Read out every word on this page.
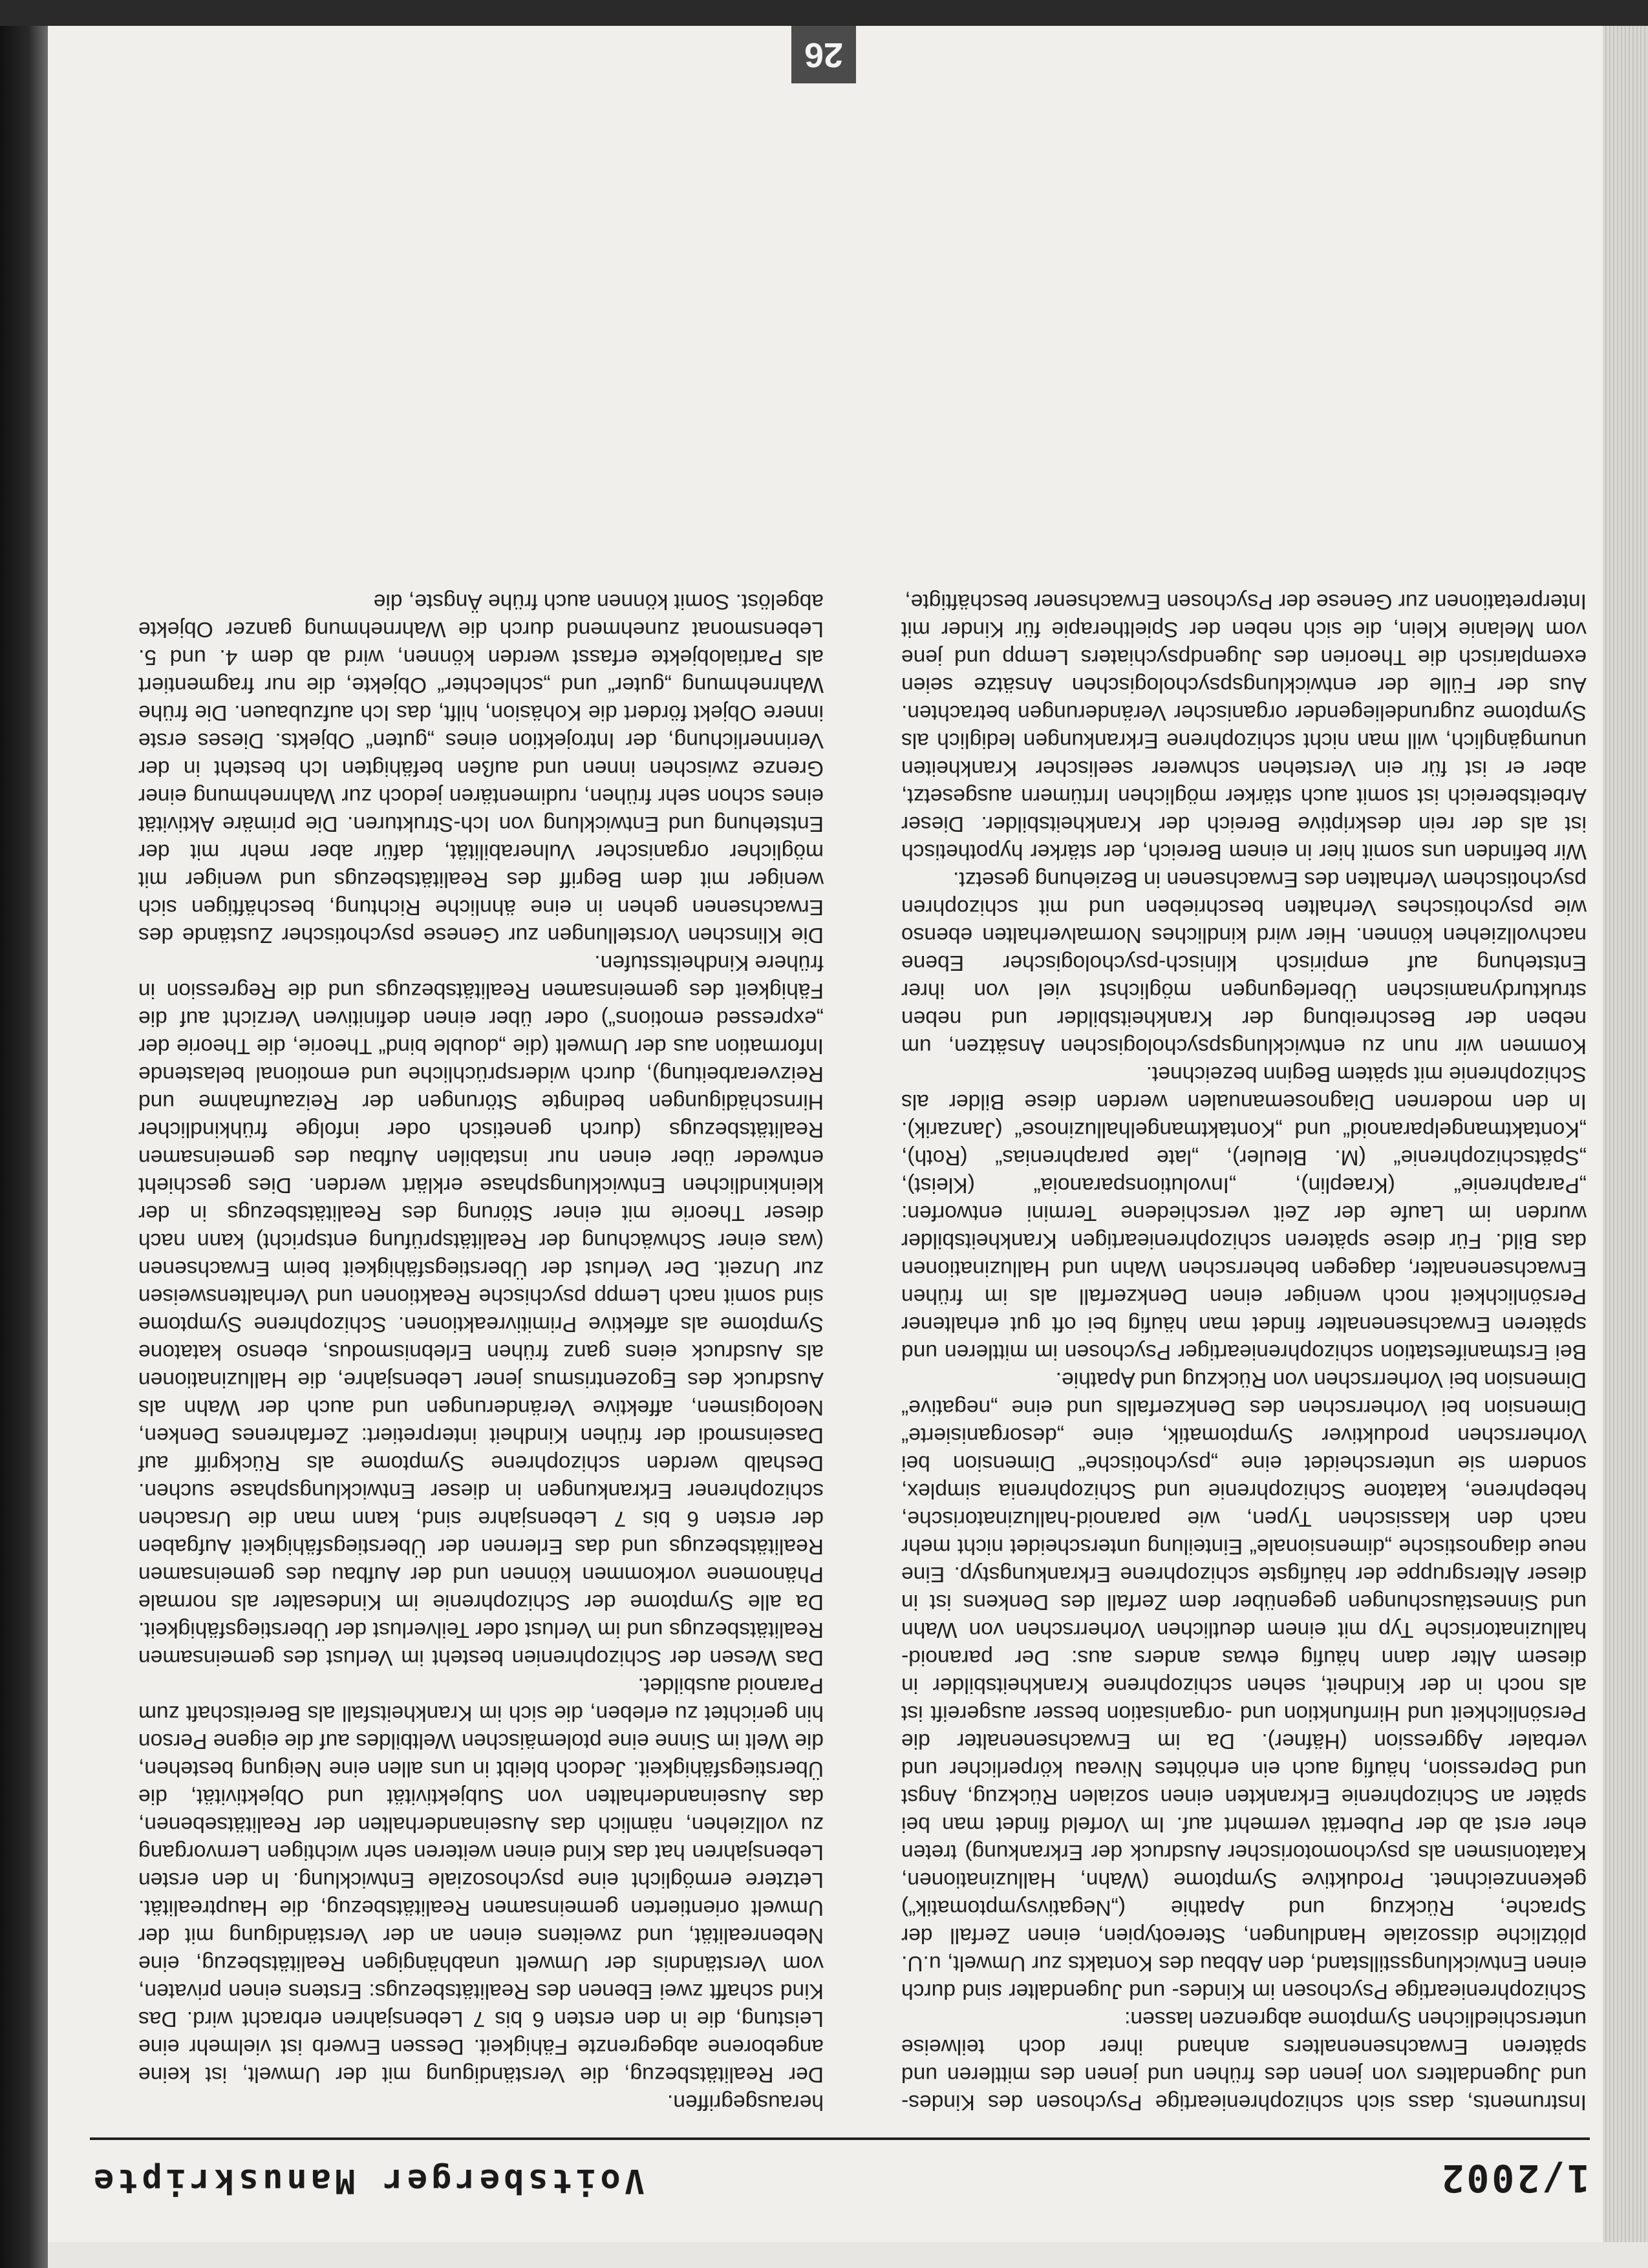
1/2002
Voitsberger Manuskripte

Instruments, dass sich schizophrenieartige Psychosen des Kindes- und Jugendalters von jenen des frühen und jenen des mittleren und späteren Erwachsenenalters anhand ihrer doch teilweise unterschiedlichen Symptome abgrenzen lassen:

Schizophrenieartige Psychosen im Kindes- und Jugendalter sind durch einen Entwicklungsstillstand, den Abbau des Kontakts zur Umwelt, u.U. plötzliche dissoziale Handlungen, Stereotypien, einen Zerfall der Sprache, Rückzug und Apathie („Negativsymptomatik“) gekennzeichnet. Produktive Symptome (Wahn, Halluzinationen, Katatonismen als psychomotorischer Ausdruck der Erkrankung) treten eher erst ab der Pubertät vermehrt auf. Im Vorfeld findet man bei später an Schizophrenie Erkrankten einen sozialen Rückzug, Angst und Depression, häufig auch ein erhöhtes Niveau körperlicher und verbaler Aggression (Häfner). Da im Erwachsenenalter die Persönlichkeit und Hirnfunktion und -organisation besser ausgereift ist als noch in der Kindheit, sehen schizophrene Krankheitsbilder in diesem Alter dann häufig etwas anders aus: Der paranoid-halluzinatorische Typ mit einem deutlichen Vorherrschen von Wahn und Sinnestäuschungen gegenüber dem Zerfall des Denkens ist in dieser Altersgruppe der häufigste schizophrene Erkrankungstyp. Eine neue diagnostische „dimensionale“ Einteilung unterscheidet nicht mehr nach den klassischen Typen, wie paranoid-halluzinatorische, hebephrene, katatone Schizophrenie und Schizophrenia simplex, sondern sie unterscheidet eine „psychotische“ Dimension bei Vorherrschen produktiver Symptomatik, eine „desorganisierte“ Dimension bei Vorherrschen des Denkzerfalls und eine „negative“ Dimension bei Vorherrschen von Rückzug und Apathie.

Bei Erstmanifestation schizophrenieartiger Psychosen im mittleren und späteren Erwachsenenalter findet man häufig bei oft gut erhaltener Persönlichkeit noch weniger einen Denkzerfall als im frühen Erwachsenenalter, dagegen beherrschen Wahn und Halluzinationen das Bild. Für diese späteren schizophrenieartigen Krankheitsbilder wurden im Laufe der Zeit verschiedene Termini entworfen: „Paraphrenie“ (Kraeplin), „Involutionsparanoia“ (Kleist), „Spätschizophrenie“ (M. Bleuler), „late paraphrenias“ (Roth), „Kontaktmangelparanoid“ und „Kontaktmangelhalluzinose“ (Janzarik). In den modernen Diagnosemanualen werden diese Bilder als Schizophrenie mit spätem Beginn bezeichnet.

Kommen wir nun zu entwicklungspsychologischen Ansätzen, um neben der Beschreibung der Krankheitsbilder und neben strukturdynamischen Überlegungen möglichst viel von ihrer Entstehung auf empirisch klinisch-psychologischer Ebene nachvollziehen können. Hier wird kindliches Normalverhalten ebenso wie psychotisches Verhalten beschrieben und mit schizophren psychotischem Verhalten des Erwachsenen in Beziehung gesetzt.

Wir befinden uns somit hier in einem Bereich, der stärker hypothetisch ist als der rein deskriptive Bereich der Krankheitsbilder. Dieser Arbeitsbereich ist somit auch stärker möglichen Irrtümern ausgesetzt, aber er ist für ein Verstehen schwerer seelischer Krankheiten unumgänglich, will man nicht schizophrene Erkrankungen lediglich als Symptome zugrundeliegender organischer Veränderungen betrachten. Aus der Fülle der entwicklungspsychologischen Ansätze seien exemplarisch die Theorien des Jugendpsychiaters Lempp und jene vom Melanie Klein, die sich neben der Spieltherapie für Kinder mit Interpretationen zur Genese der Psychosen Erwachsener beschäftigte,

herausgegriffen.

Der Realitätsbezug, die Verständigung mit der Umwelt, ist keine angeborene abgegrenzte Fähigkeit. Dessen Erwerb ist vielmehr eine Leistung, die in den ersten 6 bis 7 Lebensjahren erbracht wird. Das Kind schafft zwei Ebenen des Realitätsbezugs: Erstens einen privaten, vom Verständnis der Umwelt unabhängigen Realitätsbezug, eine Nebenrealität, und zweitens einen an der Verständigung mit der Umwelt orientierten gemeinsamen Realitätsbezug, die Hauptrealität. Letztere ermöglicht eine psychosoziale Entwicklung. In den ersten Lebensjahren hat das Kind einen weiteren sehr wichtigen Lernvorgang zu vollziehen, nämlich das Auseinanderhalten der Realitätsebenen, das Auseinanderhalten von Subjektivität und Objektivität, die Überstiegsfähigkeit. Jedoch bleibt in uns allen eine Neigung bestehen, die Welt im Sinne eine ptolemäischen Weltbildes auf die eigene Person hin gerichtet zu erleben, die sich im Krankheitsfall als Bereitschaft zum Paranoid ausbildet.

Das Wesen der Schizophrenien besteht im Verlust des gemeinsamen Realitätsbezugs und im Verlust oder Teilverlust der Überstiegsfähigkeit. Da alle Symptome der Schizophrenie im Kindesalter als normale Phänomene vorkommen können und der Aufbau des gemeinsamen Realitätsbezugs und das Erlernen der Überstiegsfähigkeit Aufgaben der ersten 6 bis 7 Lebensjahre sind, kann man die Ursachen schizophrener Erkrankungen in dieser Entwicklungsphase suchen. Deshalb werden schizophrene Symptome als Rückgriff auf Daseinsmodi der frühen Kindheit interpretiert: Zerfahrenes Denken, Neologismen, affektive Veränderungen und auch der Wahn als Ausdruck des Egozentrismus jener Lebensjahre, die Halluzinationen als Ausdruck eiens ganz frühen Erlebnismodus, ebenso katatone Symptome als affektive Primitivreaktionen. Schizophrene Symptome sind somit nach Lempp psychische Reaktionen und Verhaltensweisen zur Unzeit. Der Verlust der Überstiegsfähigkeit beim Erwachsenen (was einer Schwächung der Realitätsprüfung entspricht) kann nach dieser Theorie mit einer Störung des Realitätsbezugs in der kleinkindlichen Entwicklungsphase erklärt werden. Dies geschieht entweder über einen nur instabilen Aufbau des gemeinsamen Realitätsbezugs (durch genetisch oder infolge frühkindlicher Hirnschädigungen bedingte Störungen der Reizaufnahme und Reizverarbeitung), durch widersprüchliche und emotional belastende Information aus der Umwelt (die „double bind“ Theorie, die Theorie der „expressed emotions“) oder über einen definitiven Verzicht auf die Fähigkeit des gemeinsamen Realitätsbezugs und die Regression in frühere Kindheitsstufen.

Die Klinschen Vorstellungen zur Genese psychotischer Zustände des Erwachsenen gehen in eine ähnliche Richtung, beschäftigen sich weniger mit dem Begriff des Realitätsbezugs und weniger mit möglicher organischer Vulnerabilität, dafür aber mehr mit der Entstehung und Entwicklung von Ich-Strukturen. Die primäre Aktivität eines schon sehr frühen, rudimentären jedoch zur Wahrnehmung einer Grenze zwischen innen und außen befähigten Ich besteht in der Verinnerlichung, der Introjektion eines „guten“ Objekts. Dieses erste innere Objekt fördert die Kohäsion, hilft, das Ich aufzubauen. Die frühe Wahrnehmung „guter“ und „schlechter“ Objekte, die nur fragmentiert als Partialobjekte erfasst werden können, wird ab dem 4. und 5. Lebensmonat zunehmend durch die Wahrnehmung ganzer Objekte abgelöst. Somit können auch frühe Ängste, die

26
